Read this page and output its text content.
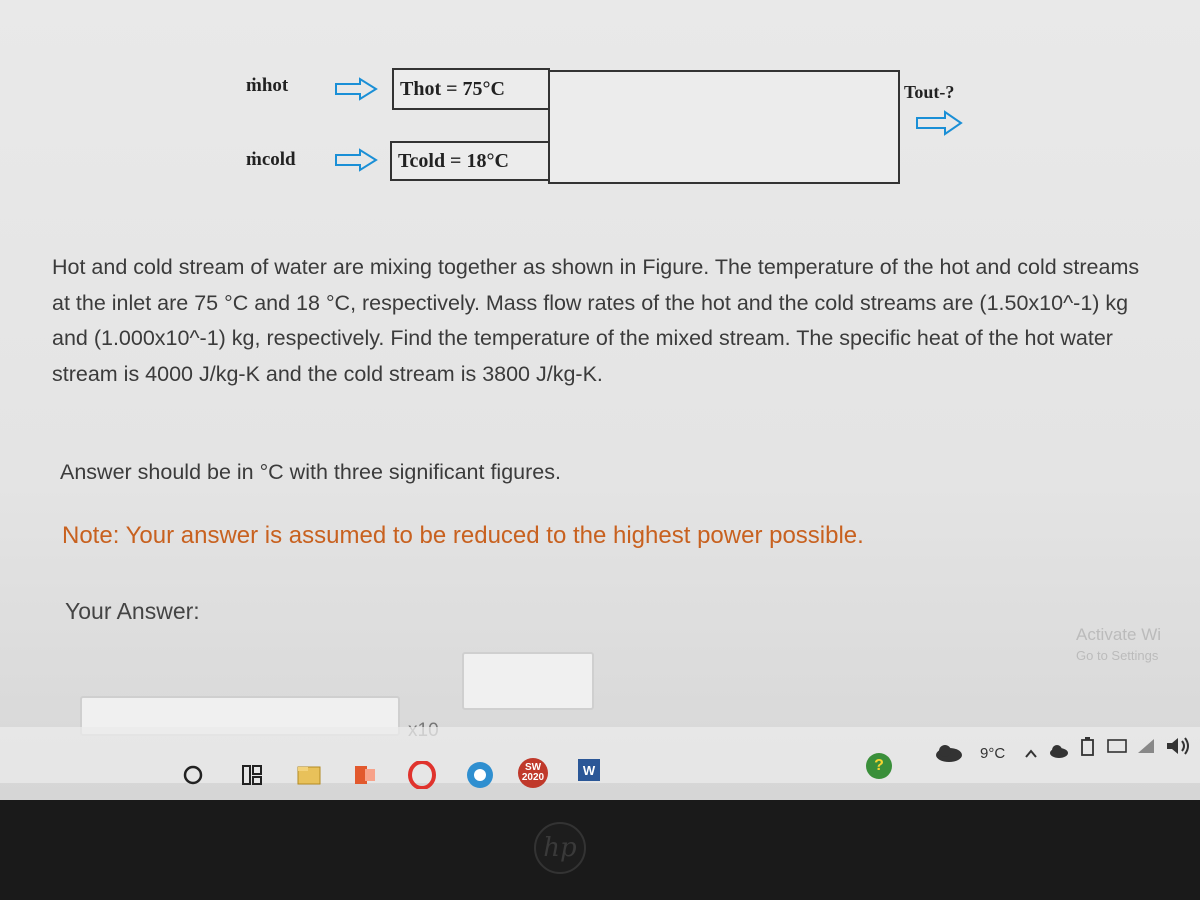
ṁhot
ṁcold
Thot = 75°C
Tcold = 18°C
Tout-?
Hot and cold stream of water are mixing together as shown in Figure. The temperature of the hot and cold streams at the inlet are 75 °C and 18 °C, respectively. Mass flow rates of the hot and the cold streams are (1.50x10^-1) kg and (1.000x10^-1) kg, respectively. Find the temperature of the mixed stream. The specific heat of the hot water stream is 4000 J/kg-K and the cold stream is 3800 J/kg-K.
Answer should be in °C with three significant figures.
Note: Your answer is assumed to be reduced to the highest power possible.
Your Answer:
Activate Wi
Go to Settings
SW 2020	W	?
9°C
hp
